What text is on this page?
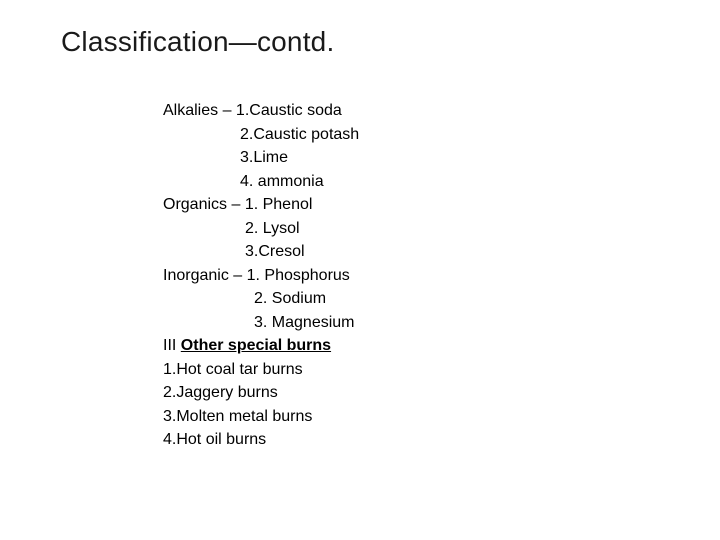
Classification—contd.
Alkalies – 1.Caustic soda
2.Caustic potash
3.Lime
4. ammonia
Organics – 1. Phenol
2. Lysol
3.Cresol
Inorganic – 1. Phosphorus
2. Sodium
3. Magnesium
III Other special burns
1.Hot coal tar burns
2.Jaggery burns
3.Molten metal burns
4.Hot oil burns
